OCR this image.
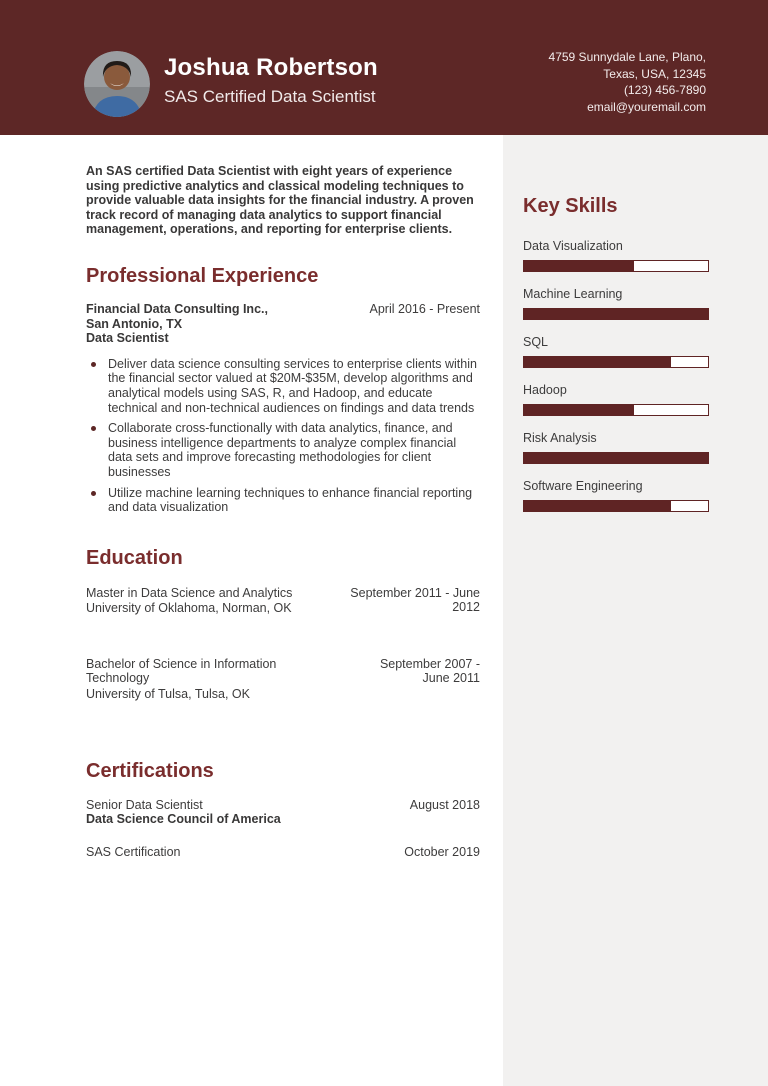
Joshua Robertson
SAS Certified Data Scientist
4759 Sunnydale Lane, Plano,
Texas, USA, 12345
(123) 456-7890
email@youremail.com
Key Skills
Data Visualization
Machine Learning
SQL
Hadoop
Risk Analysis
Software Engineering
An SAS certified Data Scientist with eight years of experience using predictive analytics and classical modeling techniques to provide valuable data insights for the financial industry. A proven track record of managing data analytics to support financial management, operations, and reporting for enterprise clients.
Professional Experience
Financial Data Consulting Inc.,
San Antonio, TX
Data Scientist
April 2016 - Present
Deliver data science consulting services to enterprise clients within the financial sector valued at $20M-$35M, develop algorithms and analytical models using SAS, R, and Hadoop, and educate technical and non-technical audiences on findings and data trends
Collaborate cross-functionally with data analytics, finance, and business intelligence departments to analyze complex financial data sets and improve forecasting methodologies for client businesses
Utilize machine learning techniques to enhance financial reporting and data visualization
Education
Master in Data Science and Analytics
University of Oklahoma, Norman, OK
September 2011 - June 2012
Bachelor of Science in Information Technology
University of Tulsa, Tulsa, OK
September 2007 - June 2011
Certifications
Senior Data Scientist
Data Science Council of America
August 2018
SAS Certification	October 2019
